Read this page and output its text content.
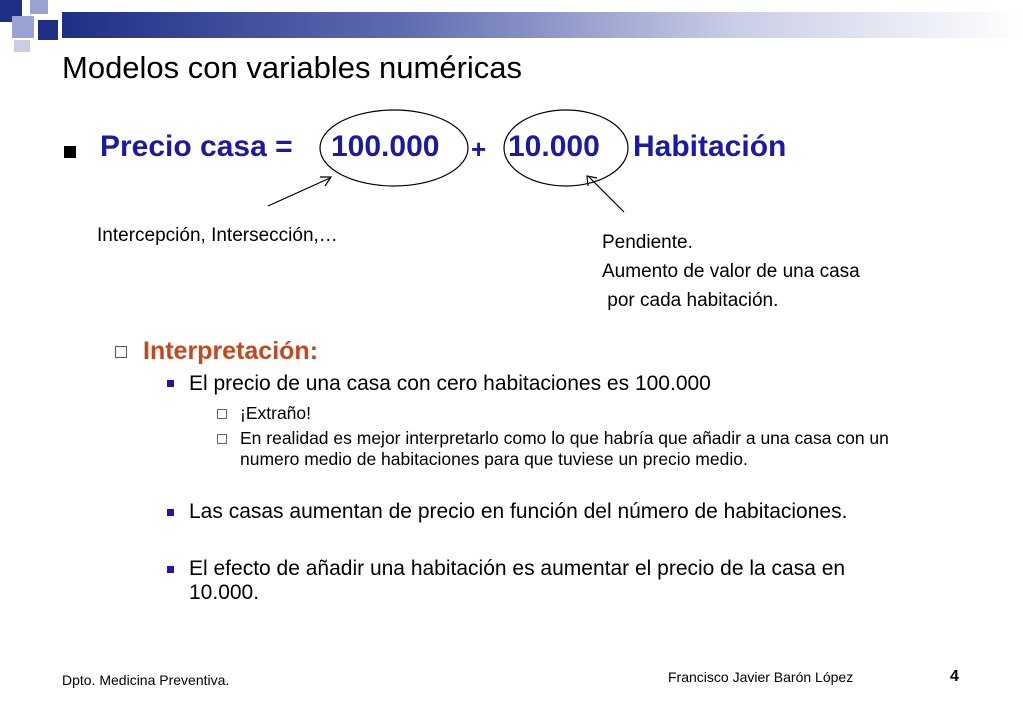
Modelos con variables numéricas
Precio casa = 100.000 + 10.000 Habitación
Intercepción, Intersección,…	Pendiente.
Aumento de valor de una casa
por cada habitación.
Interpretación:
El precio de una casa con cero habitaciones es 100.000
¡Extraño!
En realidad es mejor interpretarlo como lo que habría que añadir a una casa con un numero medio de habitaciones para que tuviese un precio medio.
Las casas aumentan de precio en función del número de habitaciones.
El efecto de añadir una habitación es aumentar el precio de la casa en 10.000.
Dpto. Medicina Preventiva.	Francisco Javier Barón López	4
